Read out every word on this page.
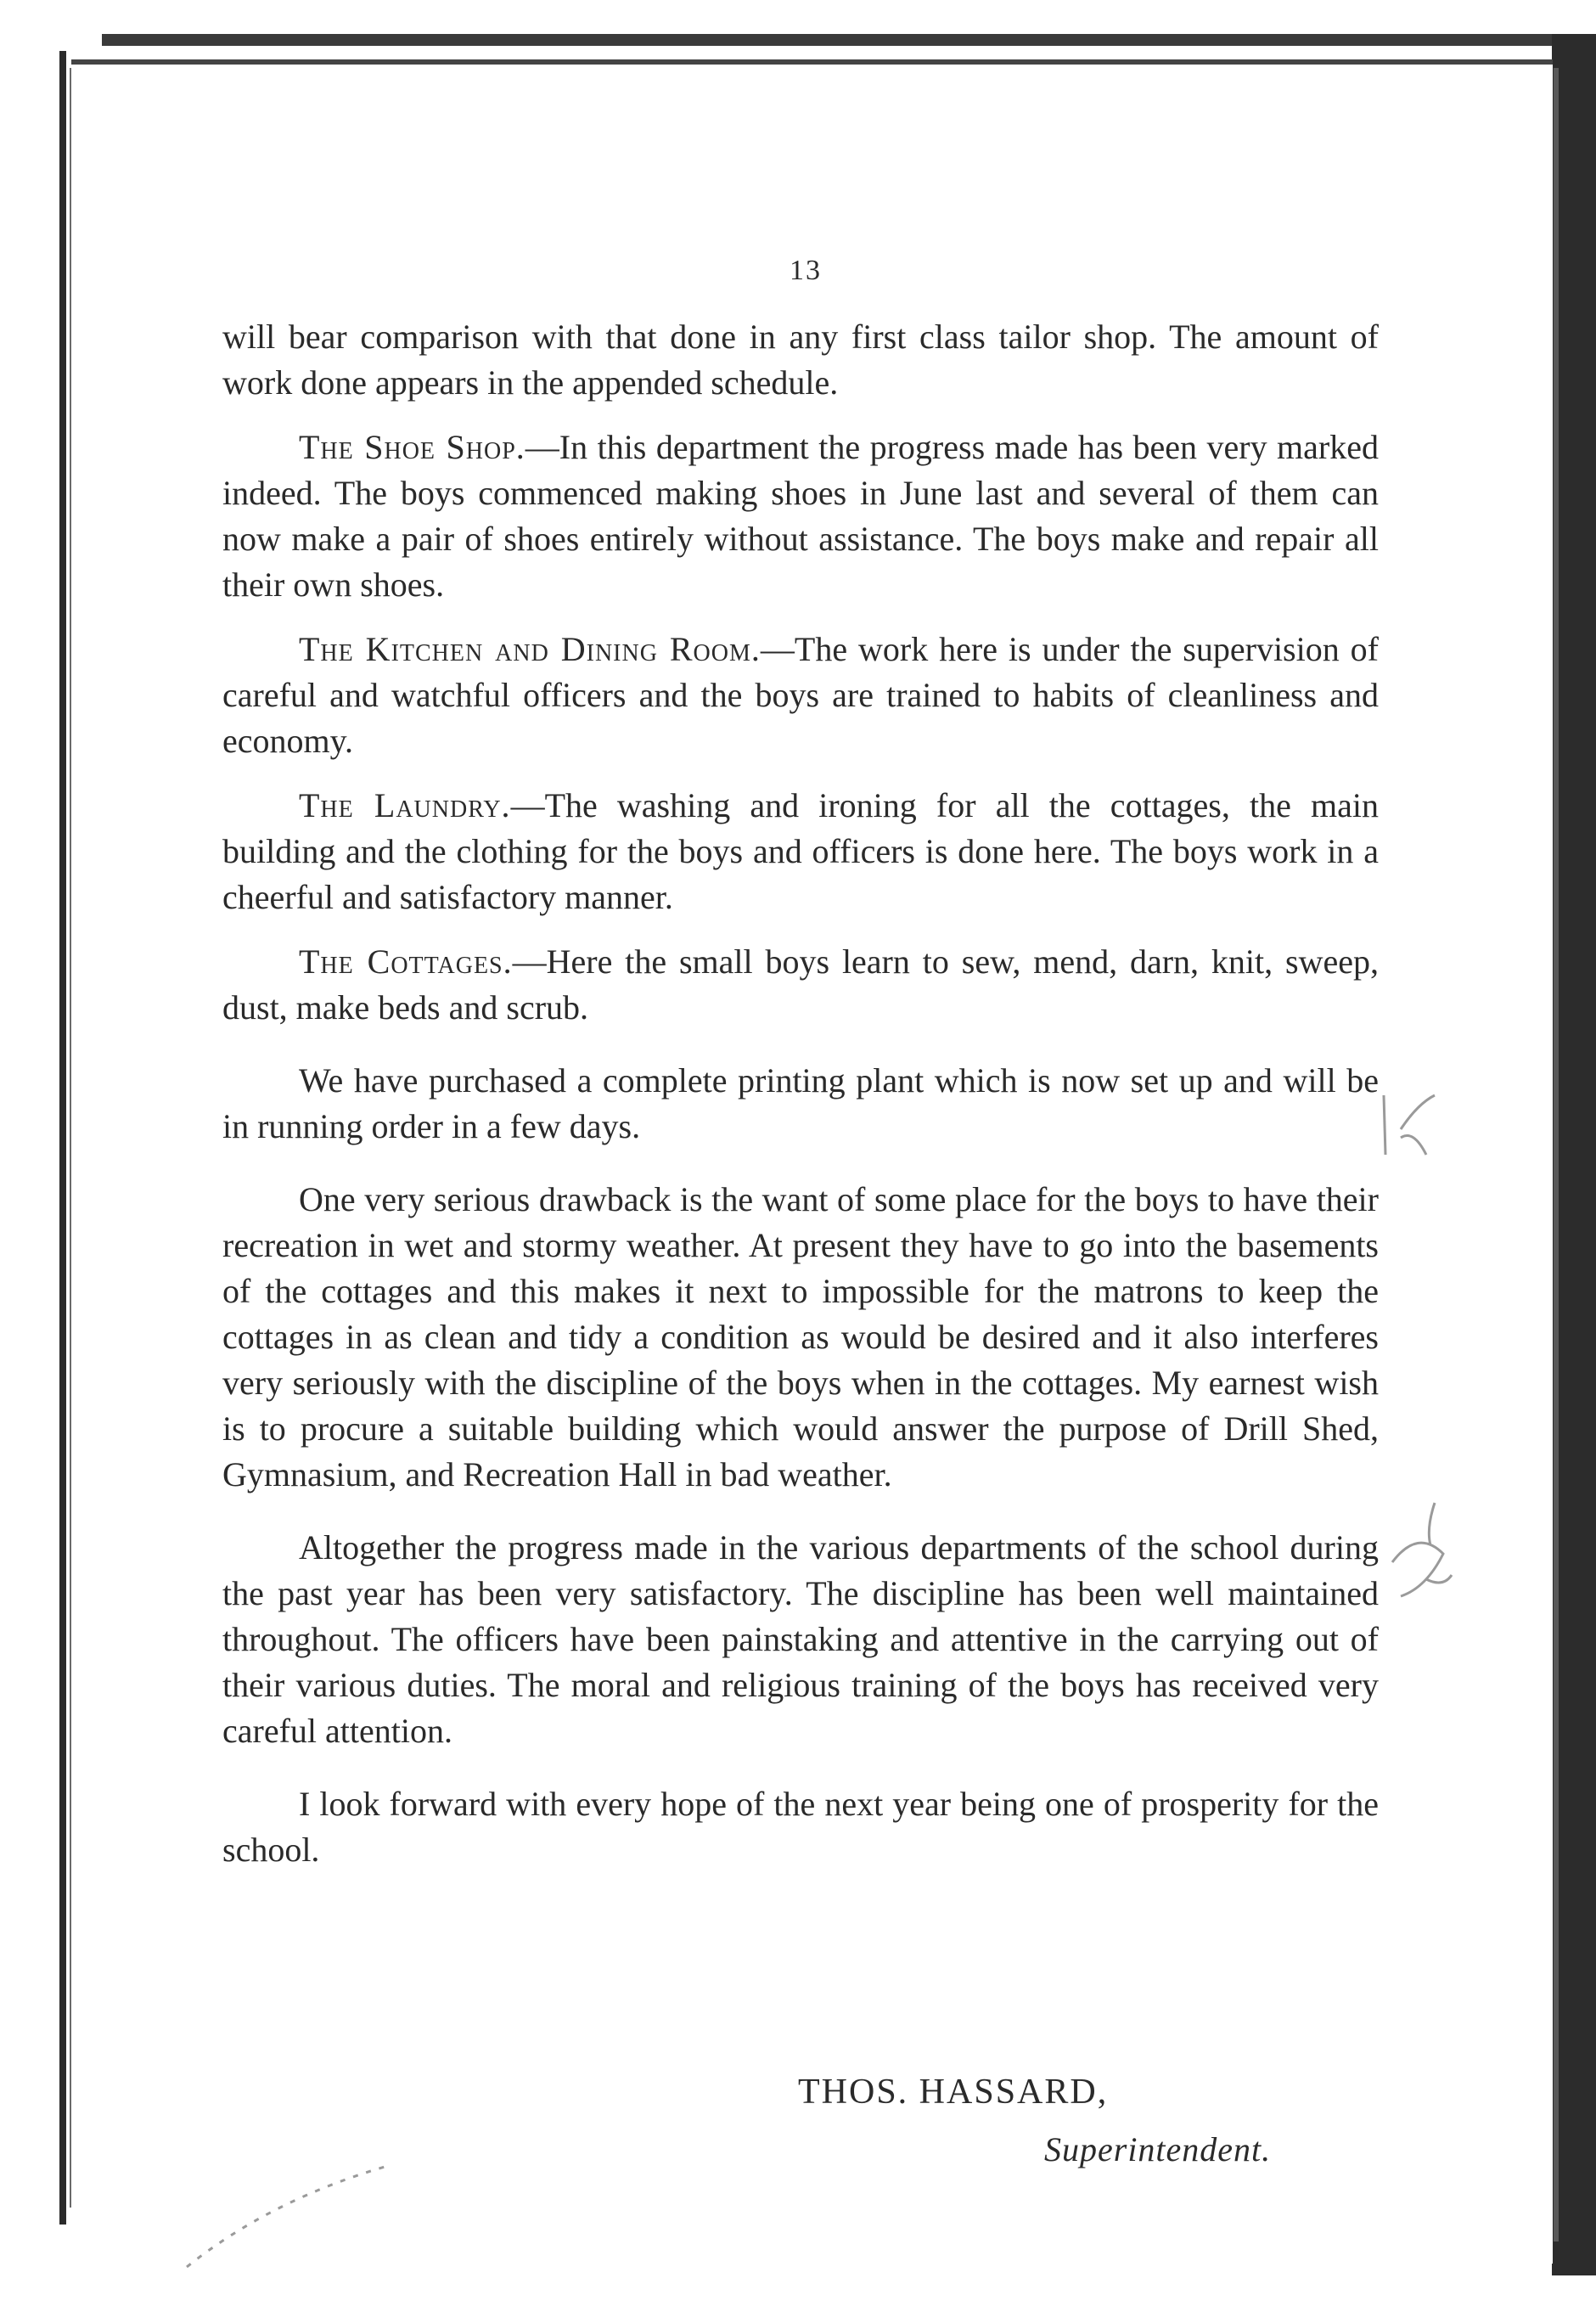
13

will bear comparison with that done in any first class tailor shop. The amount of work done appears in the appended schedule.

The Shoe Shop.—In this department the progress made has been very marked indeed. The boys commenced making shoes in June last and several of them can now make a pair of shoes entirely without assistance. The boys make and repair all their own shoes.

The Kitchen and Dining Room.—The work here is under the supervision of careful and watchful officers and the boys are trained to habits of cleanliness and economy.

The Laundry.—The washing and ironing for all the cottages, the main building and the clothing for the boys and officers is done here. The boys work in a cheerful and satisfactory manner.

The Cottages.—Here the small boys learn to sew, mend, darn, knit, sweep, dust, make beds and scrub.

We have purchased a complete printing plant which is now set up and will be in running order in a few days.

One very serious drawback is the want of some place for the boys to have their recreation in wet and stormy weather. At present they have to go into the basements of the cottages and this makes it next to impossible for the matrons to keep the cottages in as clean and tidy a condition as would be desired and it also interferes very seriously with the discipline of the boys when in the cottages. My earnest wish is to procure a suitable building which would answer the purpose of Drill Shed, Gymnasium, and Recreation Hall in bad weather.

Altogether the progress made in the various departments of the school during the past year has been very satisfactory. The discipline has been well maintained throughout. The officers have been painstaking and attentive in the carrying out of their various duties. The moral and religious training of the boys has received very careful attention.

I look forward with every hope of the next year being one of prosperity for the school.

THOS. HASSARD,
Superintendent.
